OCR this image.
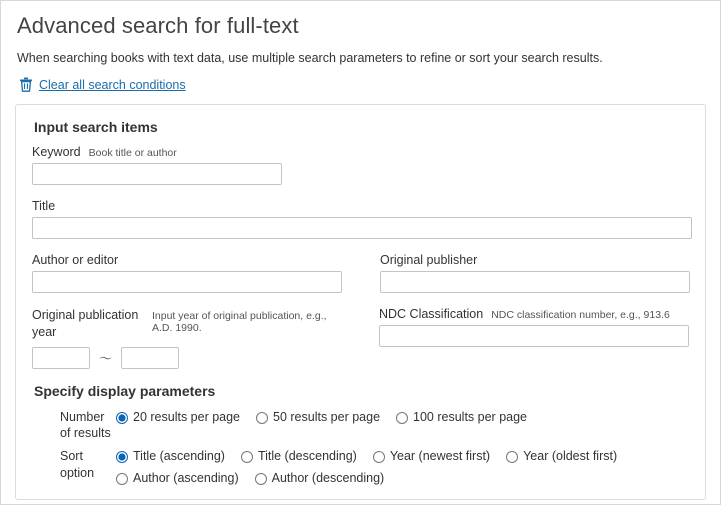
Advanced search for full-text

When searching books with text data, use multiple search parameters to refine or sort your search results.

Clear all search conditions
Input search items
Keyword Book title or author
Title
Author or editor	Original publisher
Original publication year
Input year of original publication, e.g., A.D. 1990.
～
NDC Classification NDC classification number, e.g., 913.6
Specify display parameters
Number of results
20 results per page	50 results per page	100 results per page
Sort option
Title (ascending)	Title (descending)	Year (newest first)	Year (oldest first)
Author (ascending)	Author (descending)
